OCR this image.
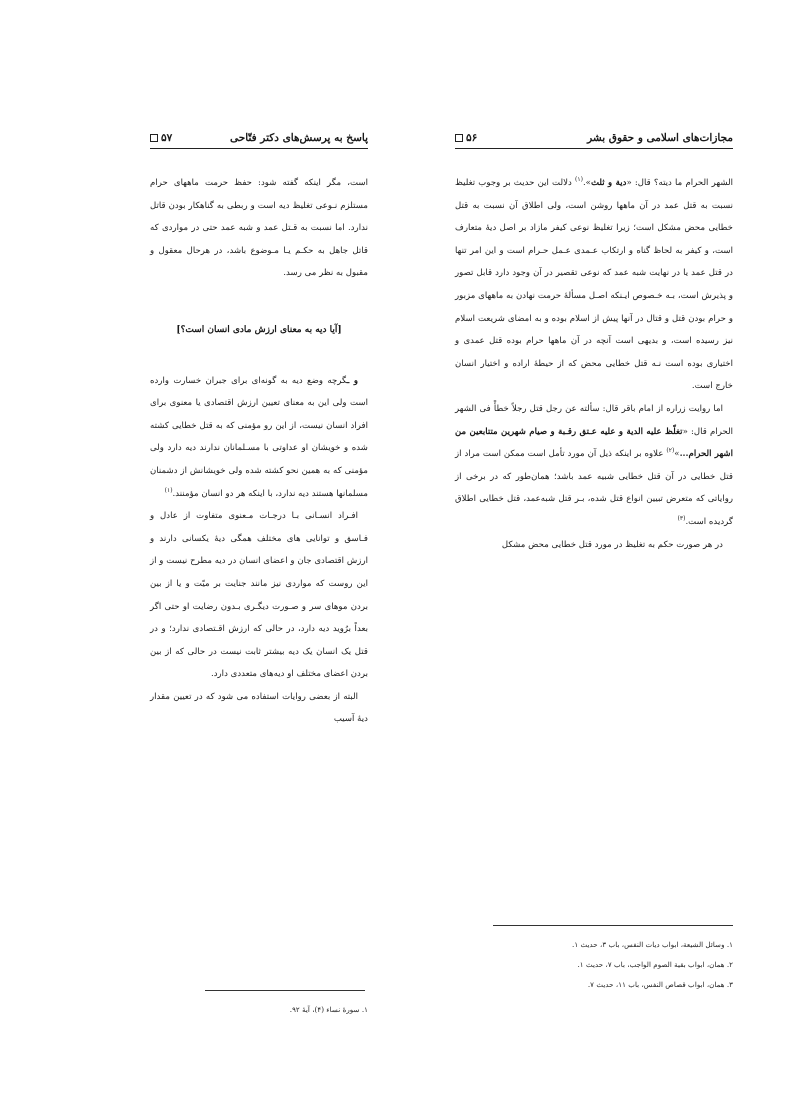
پاسخ به پرسش‌های دکتر فتّاحی
۵۷

است، مگر اینکه گفته شود: حفظ حرمت ماههای حرام مستلزم نـوعی تغلیظ دیه است و ربطی به گناهکار بودن قاتل ندارد. اما نسبت به قـتل عمد و شبه عمد حتی در مواردی که قاتل جاهل به حکـم یـا مـوضوع باشد، در هرحال معقول و مقبول به نظر می رسد.

[آیا دیه به معنای ارزش مادی انسان است؟]

و ـگرچه وضع دیه به گونه‌ای برای جبران خسارت وارده است ولی این به معنای تعیین ارزش اقتصادی یا معنوی برای افراد انسان نیست، از این رو مؤمنی که به قتل خطایی کشته شده و خویشان او عداوتی با مسـلمانان ندارند دیه دارد ولی مؤمنی که به همین نحو کشته شده ولی خویشانش از دشمنان مسلمانها هستند دیه ندارد، با اینکه هر دو انسان مؤمنند.$^{(۱)}$

افـراد انسـانی بـا درجـات مـعنوی متفاوت از عادل و فـاسق و توانایی های مختلف همگی دیهٔ یکسانی دارند و ارزش اقتصادی جان و اعضای انسان در دیه مطرح نیست و از این روست که مواردی نیز مانند جنایت بر میّت و یا از بین بردن موهای سر و صـورت دیگـری بـدون رضایت او حتی اگر بعداً برُوید دیه دارد، در حالی که ارزش اقـتصادی ندارد؛ و در قتل یک انسان یک دیه بیشتر ثابت نیست در حالی که از بین بردن اعضای مختلف او دیه‌های متعددی دارد.

البته از بعضی روایات استفاده می شود که در تعیین مقدار دیهٔ آسیب

۱. سورهٔ نساء (۴)، آیهٔ ۹۲.
مجازات‌های اسلامی و حقوق بشر
۵۶

الشهر الحرام ما دیته؟ قال: «دیة و ثلث».$^{(۱)}$ دلالت این حدیث بر وجوب تغلیظ نسبت به قتل عمد در آن ماهها روشن است، ولی اطلاق آن نسبت به قتل خطایی محض مشکل است؛ زیرا تغلیظ نوعی کیفر مازاد بر اصل دیهٔ متعارف است، و کیفر به لحاظ گناه و ارتکاب عـمدی عـمل حـرام است و این امر تنها در قتل عمد یا در نهایت شبه عمد که نوعی تقصیر در آن وجود دارد قابل تصور و پذیرش است، بـه خـصوص ایـنکه اصـل مسألهٔ حرمت نهادن به ماههای مزبور و حرام بودن قتل و قتال در آنها پیش از اسلام بوده و به امضای شریعت اسلام نیز رسیده است، و بدیهی است آنچه در آن ماهها حرام بوده قتل عمدی و اختیاری بوده است نـه قتل خطایی محض که از حیطهٔ اراده و اختیار انسان خارج است.

اما روایت زراره از امام باقر قال: سألته عن رجل قتل رجلاً خطأً فی الشهر الحرام قال: «تغلّظ علیه الدیة و علیه عـتق رقـبة و صیام شهرین متتابعین من اشهر الحرام...»$^{(۲)}$ علاوه بر اینکه ذیل آن مورد تأمل است ممکن است مراد از قتل خطایی در آن قتل خطایی شبیه عمد باشد؛ همان‌طور که در برخی از روایاتی که متعرض تبیین انواع قتل شده، بـر قتل شبه‌عمد، قتل خطایی اطلاق گردیده است.$^{(۳)}$

در هر صورت حکم به تغلیظ در مورد قتل خطایی محض مشکل

۱. وسائل الشیعة، ابواب دیات النفس، باب ۳، حدیث ۱.
۲. همان، ابواب بقیة الصوم الواجب، باب ۷، حدیث ۱.
۳. همان، ابواب قصاص النفس، باب ۱۱، حدیث ۷.
